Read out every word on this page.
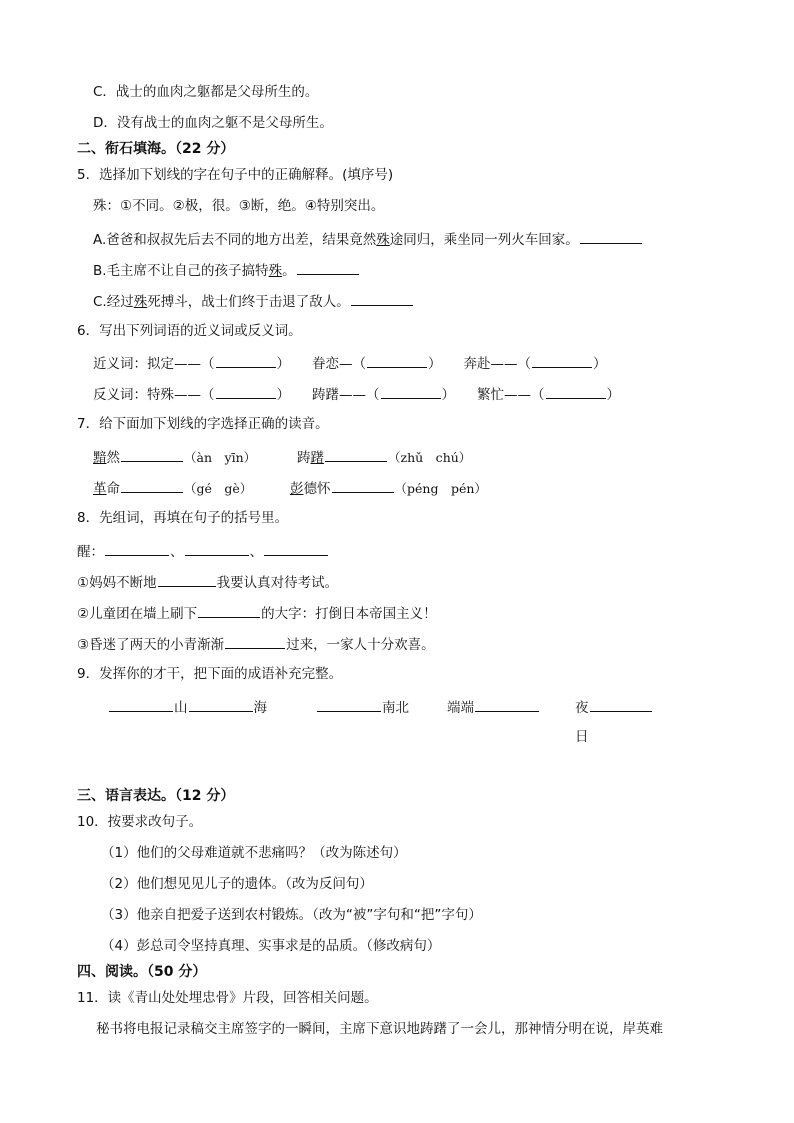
C．战士的血肉之躯都是父母所生的。
D．没有战士的血肉之躯不是父母所生。
二、衔石填海。（22 分）
5．选择加下划线的字在句子中的正确解释。(填序号)
殊：①不同。②极，很。③断，绝。④特别突出。
A.爸爸和叔叔先后去不同的地方出差，结果竟然殊途同归，乘坐同一列火车回家。
B.毛主席不让自己的孩子搞特殊。
C.经过殊死搏斗，战士们终于击退了敌人。
6．写出下列词语的近义词或反义词。
近义词：拟定——（	） 眷恋—（	） 奔赴——（	）
反义词：特殊——（	） 踌躇——（	） 繁忙——（	）
7．给下面加下划线的字选择正确的读音。
黯然	（àn　yīn）	踌躇	（zhǔ　chú）
革命	（gé　gè）	彭德怀	（péng　pén）
8．先组词，再填在句子的括号里。
醒：	、	、
①妈妈不断地	我要认真对待考试。
②儿童团在墙上刷下	的大字：打倒日本帝国主义！
③昏迷了两天的小青渐渐	过来，一家人十分欢喜。
9．发挥你的才干，把下面的成语补充完整。
山	海	南北	端端	夜
日
三、语言表达。（12 分）
10．按要求改句子。
（1）他们的父母难道就不悲痛吗？（改为陈述句）
（2）他们想见见儿子的遗体。（改为反问句）
（3）他亲自把爱子送到农村锻炼。（改为“被”字句和“把”字句）
（4）彭总司令坚持真理、实事求是的品质。（修改病句）
四、阅读。（50 分）
11．读《青山处处埋忠骨》片段，回答相关问题。
秘书将电报记录稿交主席签字的一瞬间，主席下意识地踌躇了一会儿，那神情分明在说，岸英难
